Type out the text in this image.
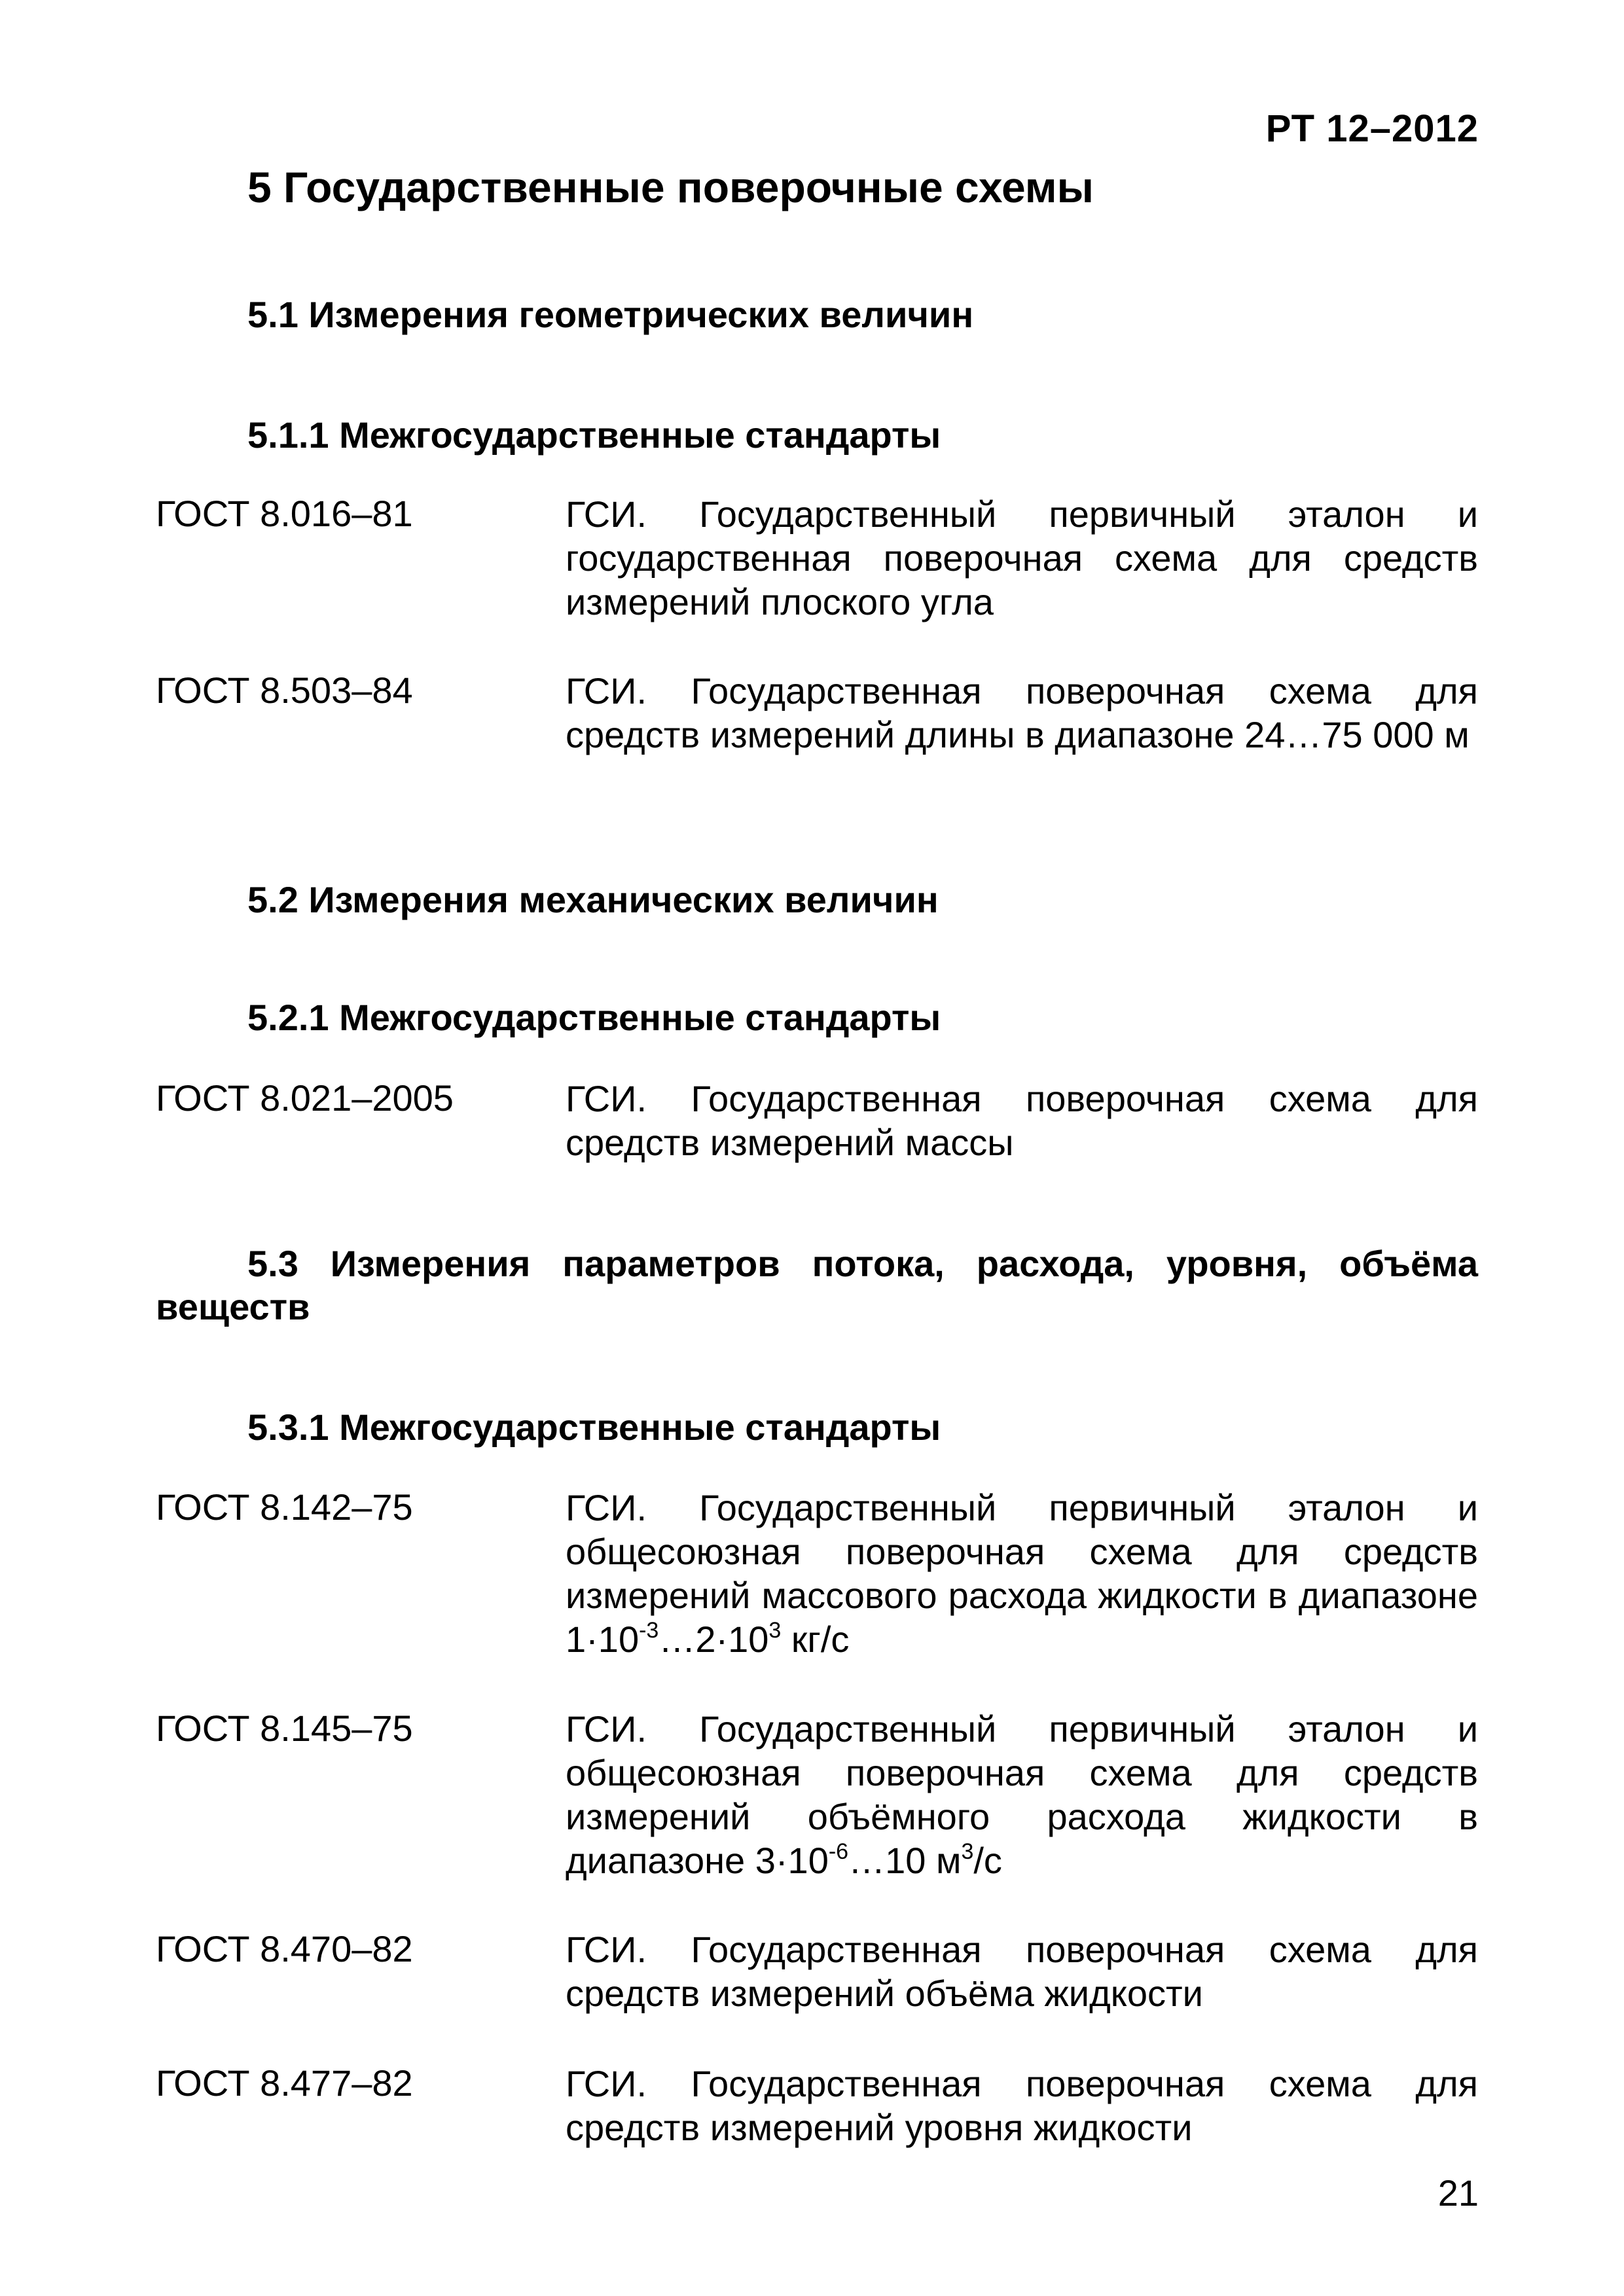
РТ 12–2012
5 Государственные поверочные схемы
5.1 Измерения геометрических величин
5.1.1 Межгосударственные стандарты
ГОСТ 8.016–81	ГСИ. Государственный первичный эталон и государственная поверочная схема для средств измерений плоского угла
ГОСТ 8.503–84	ГСИ. Государственная поверочная схема для средств измерений длины в диапазоне 24…75 000 м
5.2 Измерения механических величин
5.2.1 Межгосударственные стандарты
ГОСТ 8.021–2005	ГСИ. Государственная поверочная схема для средств измерений массы
5.3 Измерения параметров потока, расхода, уровня, объёма веществ
5.3.1 Межгосударственные стандарты
ГОСТ 8.142–75	ГСИ. Государственный первичный эталон и общесоюзная поверочная схема для средств измерений массового расхода жидкости в диапазоне $1\cdot 10^{-3}\dots 2\cdot 10^3$ кг/с
ГОСТ 8.145–75	ГСИ. Государственный первичный эталон и общесоюзная поверочная схема для средств измерений объёмного расхода жидкости в диапазоне $3\cdot 10^{-6}\dots 10$ $м^3/с$
ГОСТ 8.470–82	ГСИ. Государственная поверочная схема для средств измерений объёма жидкости
ГОСТ 8.477–82	ГСИ. Государственная поверочная схема для средств измерений уровня жидкости
21
